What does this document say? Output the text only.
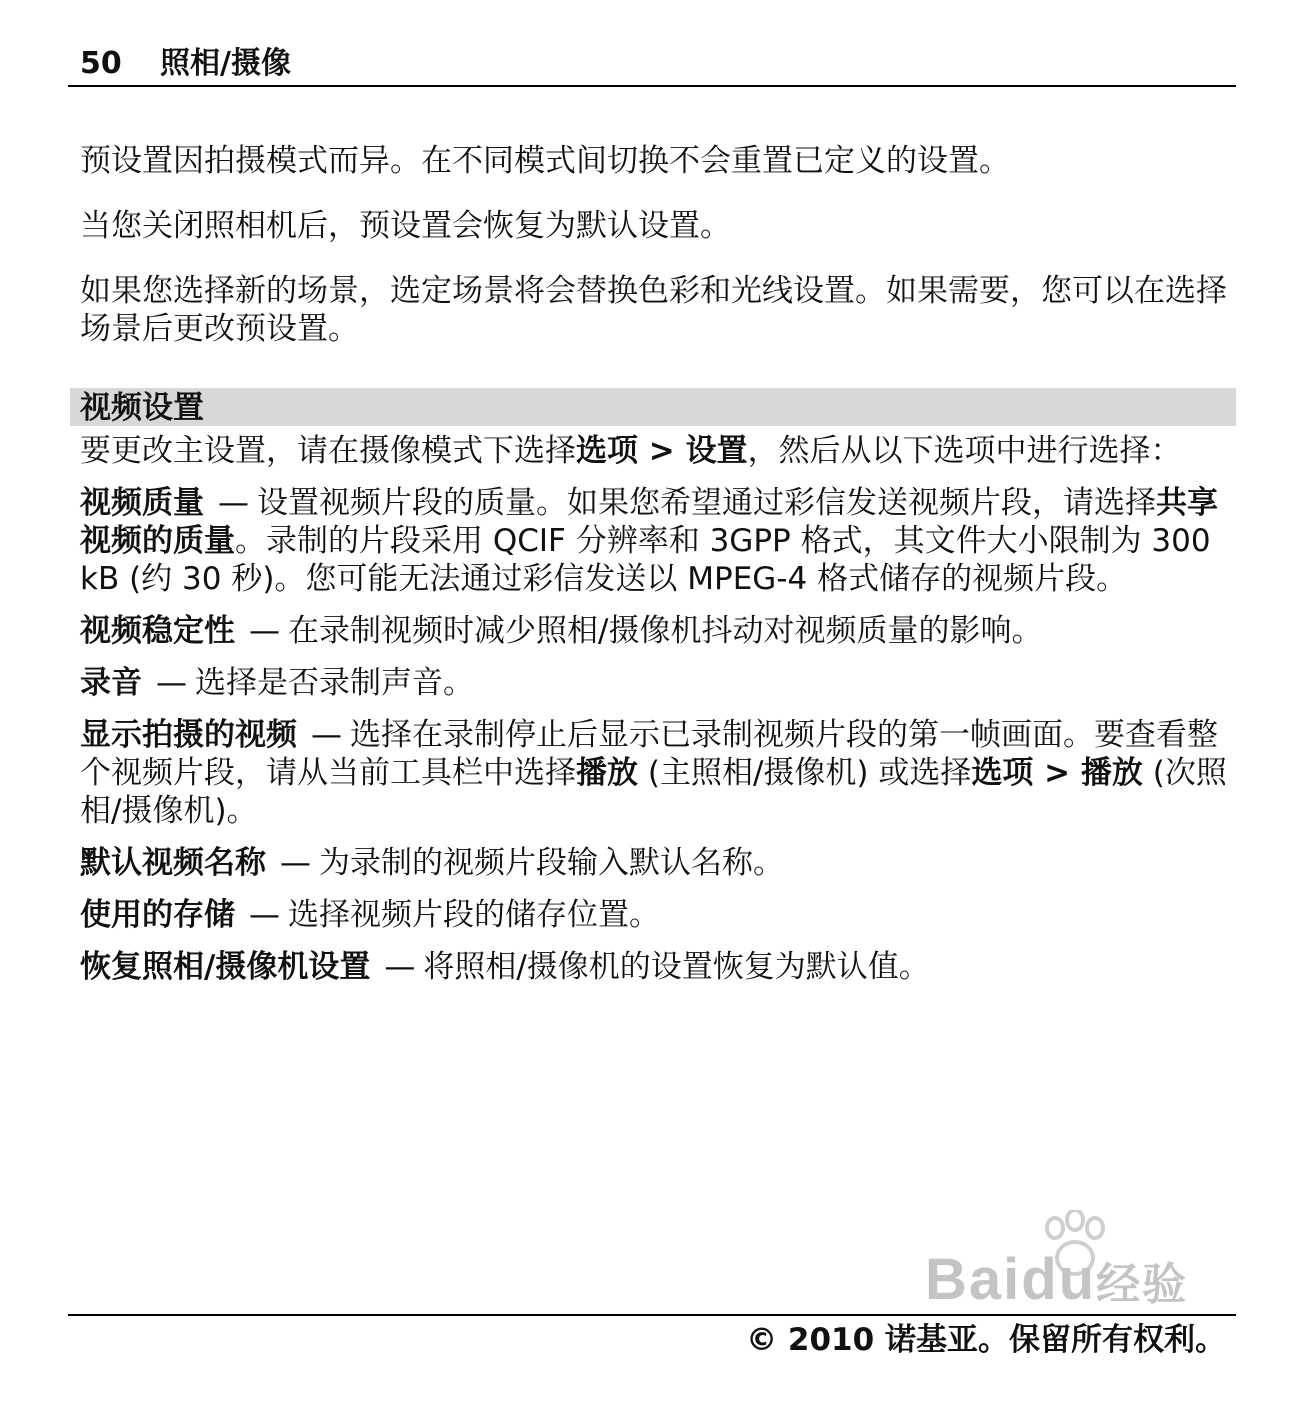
50 照相/摄像

预设置因拍摄模式而异。在不同模式间切换不会重置已定义的设置。

当您关闭照相机后，预设置会恢复为默认设置。

如果您选择新的场景，选定场景将会替换色彩和光线设置。如果需要，您可以在选择场景后更改预设置。

视频设置

要更改主设置，请在摄像模式下选择选项 > 设置，然后从以下选项中进行选择：

视频质量 — 设置视频片段的质量。如果您希望通过彩信发送视频片段，请选择共享视频的质量。录制的片段采用 QCIF 分辨率和 3GPP 格式，其文件大小限制为 300 kB (约 30 秒)。您可能无法通过彩信发送以 MPEG-4 格式储存的视频片段。

视频稳定性 — 在录制视频时减少照相/摄像机抖动对视频质量的影响。

录音 — 选择是否录制声音。

显示拍摄的视频 — 选择在录制停止后显示已录制视频片段的第一帧画面。要查看整个视频片段，请从当前工具栏中选择播放 (主照相/摄像机) 或选择选项 > 播放 (次照相/摄像机)。

默认视频名称 — 为录制的视频片段输入默认名称。

使用的存储 — 选择视频片段的储存位置。

恢复照相/摄像机设置 — 将照相/摄像机的设置恢复为默认值。

Baidu经验
© 2010 诺基亚。保留所有权利。
